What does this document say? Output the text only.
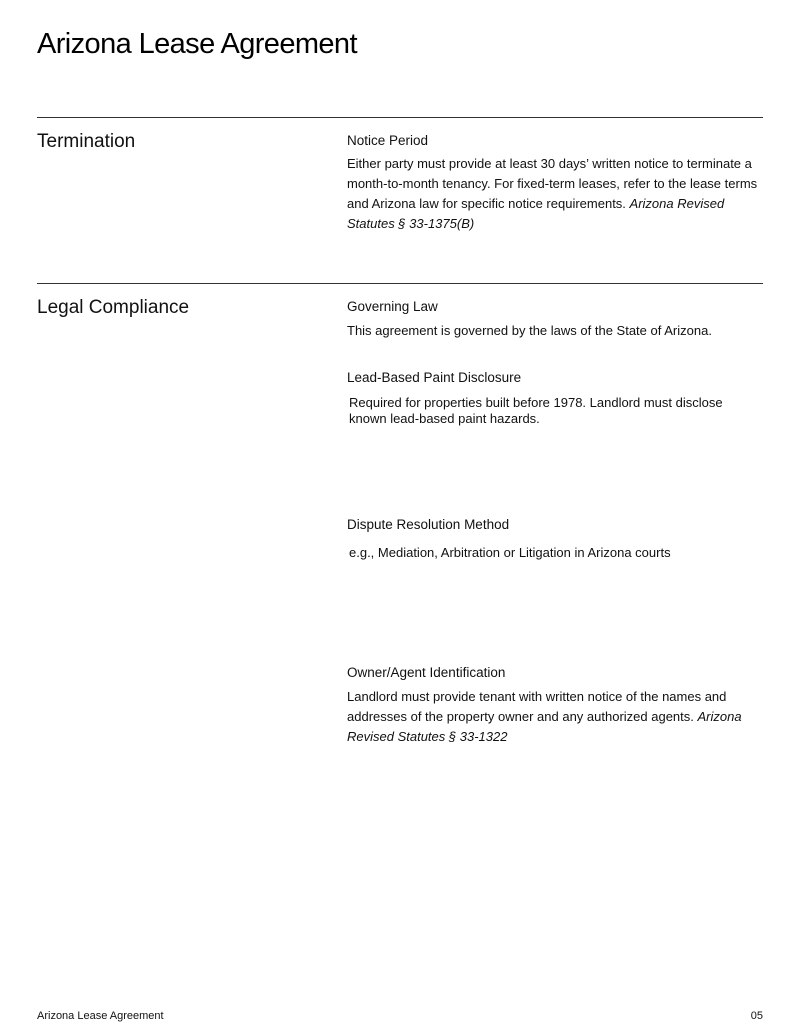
Arizona Lease Agreement
Termination	Notice Period

Either party must provide at least 30 days’ written notice to terminate a month-to-month tenancy. For fixed-term leases, refer to the lease terms and Arizona law for specific notice requirements. Arizona Revised Statutes § 33-1375(B)

Legal Compliance	Governing Law

This agreement is governed by the laws of the State of Arizona.

Lead-Based Paint Disclosure

Required for properties built before 1978. Landlord must disclose known lead-based paint hazards.

Dispute Resolution Method

e.g., Mediation, Arbitration or Litigation in Arizona courts

Owner/Agent Identification

Landlord must provide tenant with written notice of the names and addresses of the property owner and any authorized agents. Arizona Revised Statutes § 33-1322

Arizona Lease Agreement	05
